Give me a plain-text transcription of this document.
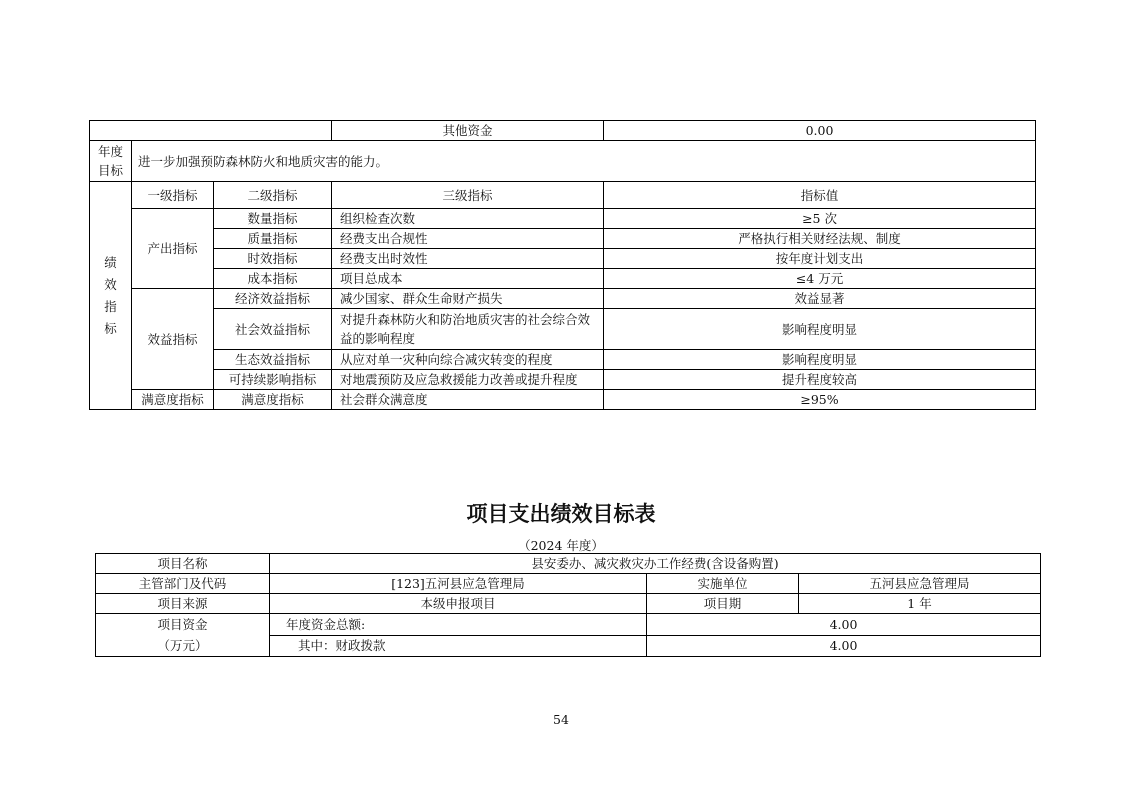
			其他资金	0.00
年度
目标	进一步加强预防森林防火和地质灾害的能力。			
绩
效
指
标	一级指标	二级指标	三级指标	指标值
	产出指标	数量指标	组织检查次数	≥5 次
		质量指标	经费支出合规性	严格执行相关财经法规、制度
		时效指标	经费支出时效性	按年度计划支出
		成本指标	项目总成本	≤4 万元
	效益指标	经济效益指标	减少国家、群众生命财产损失	效益显著
		社会效益指标	对提升森林防火和防治地质灾害的社会综合效益的影响程度	影响程度明显
		生态效益指标	从应对单一灾种向综合减灾转变的程度	影响程度明显
		可持续影响指标	对地震预防及应急救援能力改善或提升程度	提升程度较高
	满意度指标	满意度指标	社会群众满意度	≥95%
项目支出绩效目标表
（2024 年度）
项目名称	县安委办、减灾救灾办工作经费(含设备购置)		
主管部门及代码	[123]五河县应急管理局	实施单位	五河县应急管理局
项目来源	本级申报项目	项目期	1 年
项目资金
（万元）	年度资金总额:	4.00	
	其中：财政拨款	4.00	
54
